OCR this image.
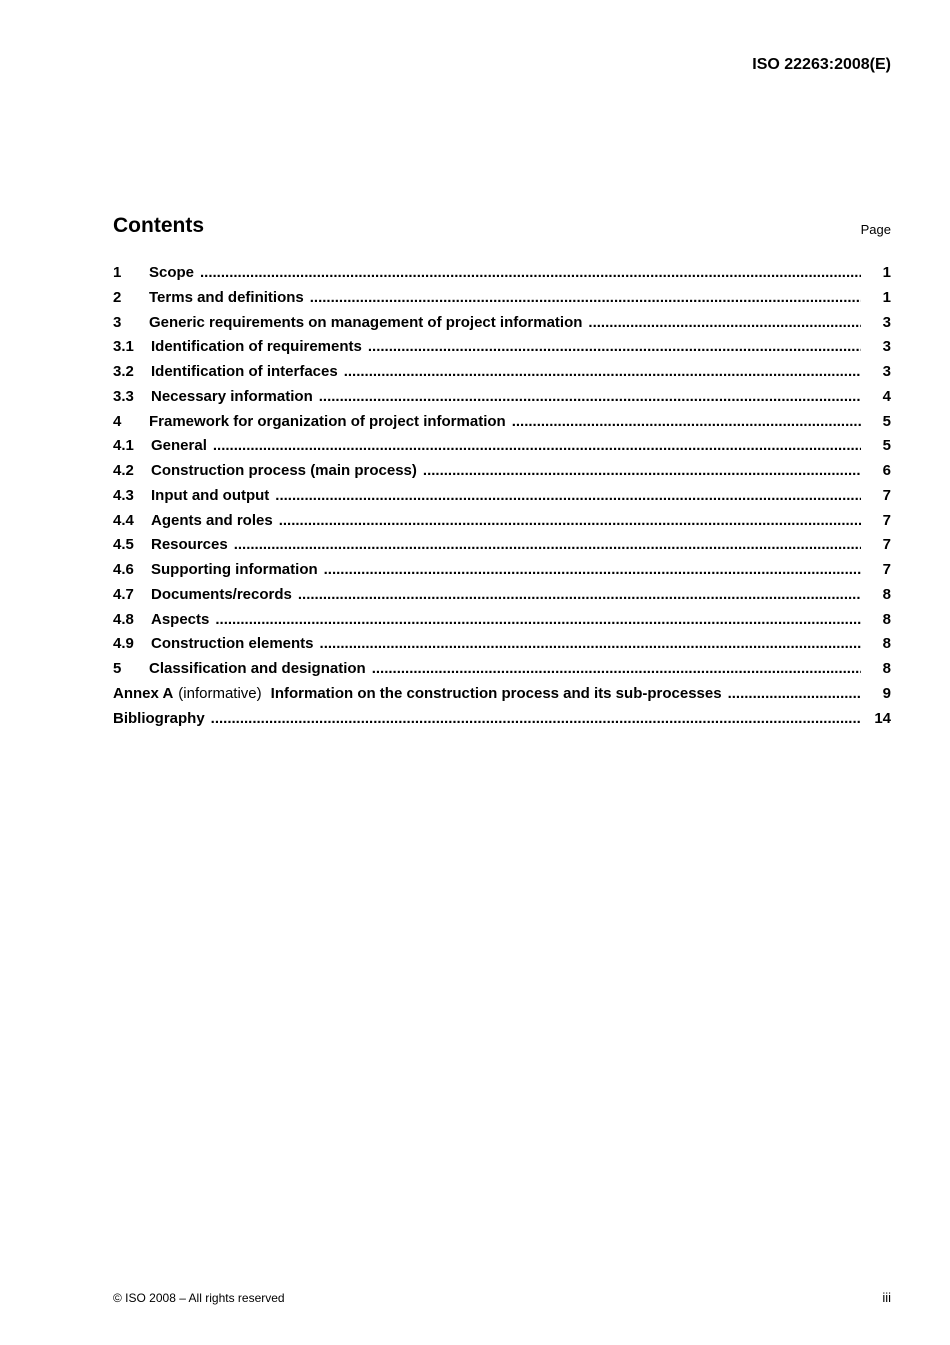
ISO 22263:2008(E)
Contents	Page
1	Scope .....	1
2	Terms and definitions .....	1
3	Generic requirements on management of project information .....	3
3.1	Identification of requirements .....	3
3.2	Identification of interfaces .....	3
3.3	Necessary information .....	4
4	Framework for organization of project information .....	5
4.1	General .....	5
4.2	Construction process (main process) .....	6
4.3	Input and output .....	7
4.4	Agents and roles .....	7
4.5	Resources .....	7
4.6	Supporting information .....	7
4.7	Documents/records .....	8
4.8	Aspects .....	8
4.9	Construction elements .....	8
5	Classification and designation .....	8
Annex A (informative) Information on the construction process and its sub-processes .....	9
Bibliography .....	14
© ISO 2008 – All rights reserved	iii
